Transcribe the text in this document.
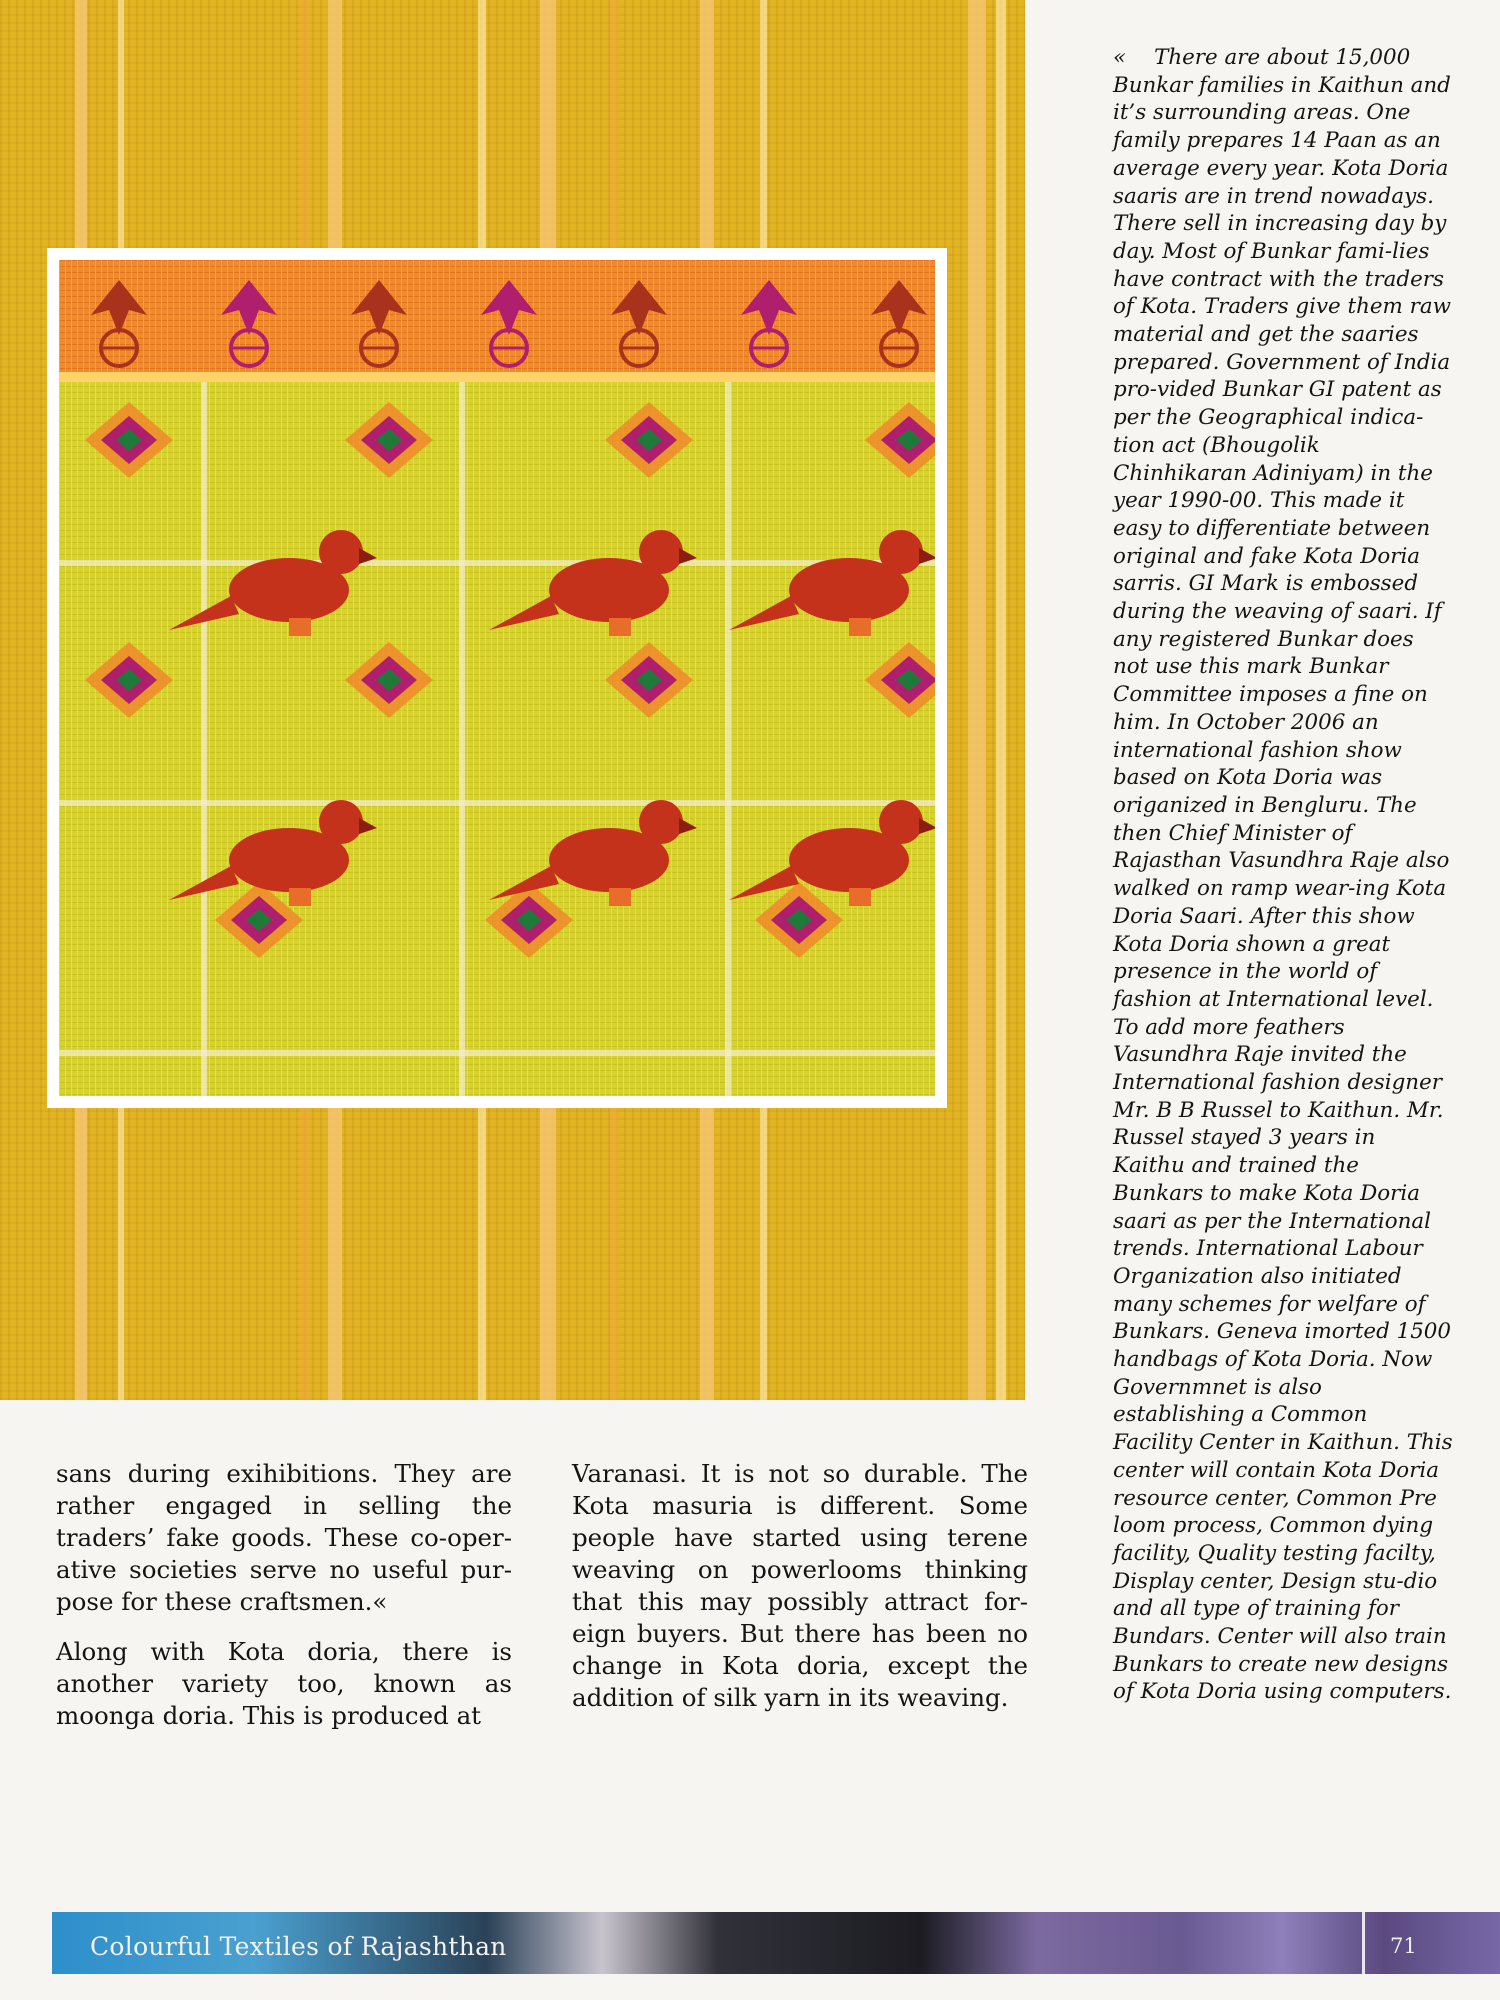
« There are about 15,000 Bunkar families in Kaithun and it’s surrounding areas. One family prepares 14 Paan as an average every year. Kota Doria saaris are in trend nowadays. There sell in increasing day by day. Most of Bunkar fami-lies have contract with the traders of Kota. Traders give them raw material and get the saaries prepared. Government of India pro-vided Bunkar GI patent as per the Geographical indica-tion act (Bhougolik Chinhikaran Adiniyam) in the year 1990-00. This made it easy to differentiate between original and fake Kota Doria sarris. GI Mark is embossed during the weaving of saari. If any registered Bunkar does not use this mark Bunkar Committee imposes a fine on him. In October 2006 an international fashion show based on Kota Doria was origanized in Bengluru. The then Chief Minister of Rajasthan Vasundhra Raje also walked on ramp wear-ing Kota Doria Saari. After this show Kota Doria shown a great presence in the world of fashion at International level. To add more feathers Vasundhra Raje invited the International fashion designer Mr. B B Russel to Kaithun. Mr. Russel stayed 3 years in Kaithu and trained the Bunkars to make Kota Doria saari as per the International trends. International Labour Organization also initiated many schemes for welfare of Bunkars. Geneva imorted 1500 handbags of Kota Doria. Now Governmnet is also establishing a Common Facility Center in Kaithun. This center will contain Kota Doria resource center, Common Pre loom process, Common dying facility, Quality testing facilty, Display center, Design stu-dio and all type of training for Bundars. Center will also train Bunkars to create new designs of Kota Doria using computers.

sans during exihibitions. They are rather engaged in selling the traders’ fake goods. These co-oper-ative societies serve no useful pur-pose for these craftsmen.«

Along with Kota doria, there is another variety too, known as moonga doria. This is produced at

Varanasi. It is not so durable. The Kota masuria is different. Some people have started using terene weaving on powerlooms thinking that this may possibly attract for-eign buyers. But there has been no change in Kota doria, except the addition of silk yarn in its weaving.

Colourful Textiles of Rajashthan	71
